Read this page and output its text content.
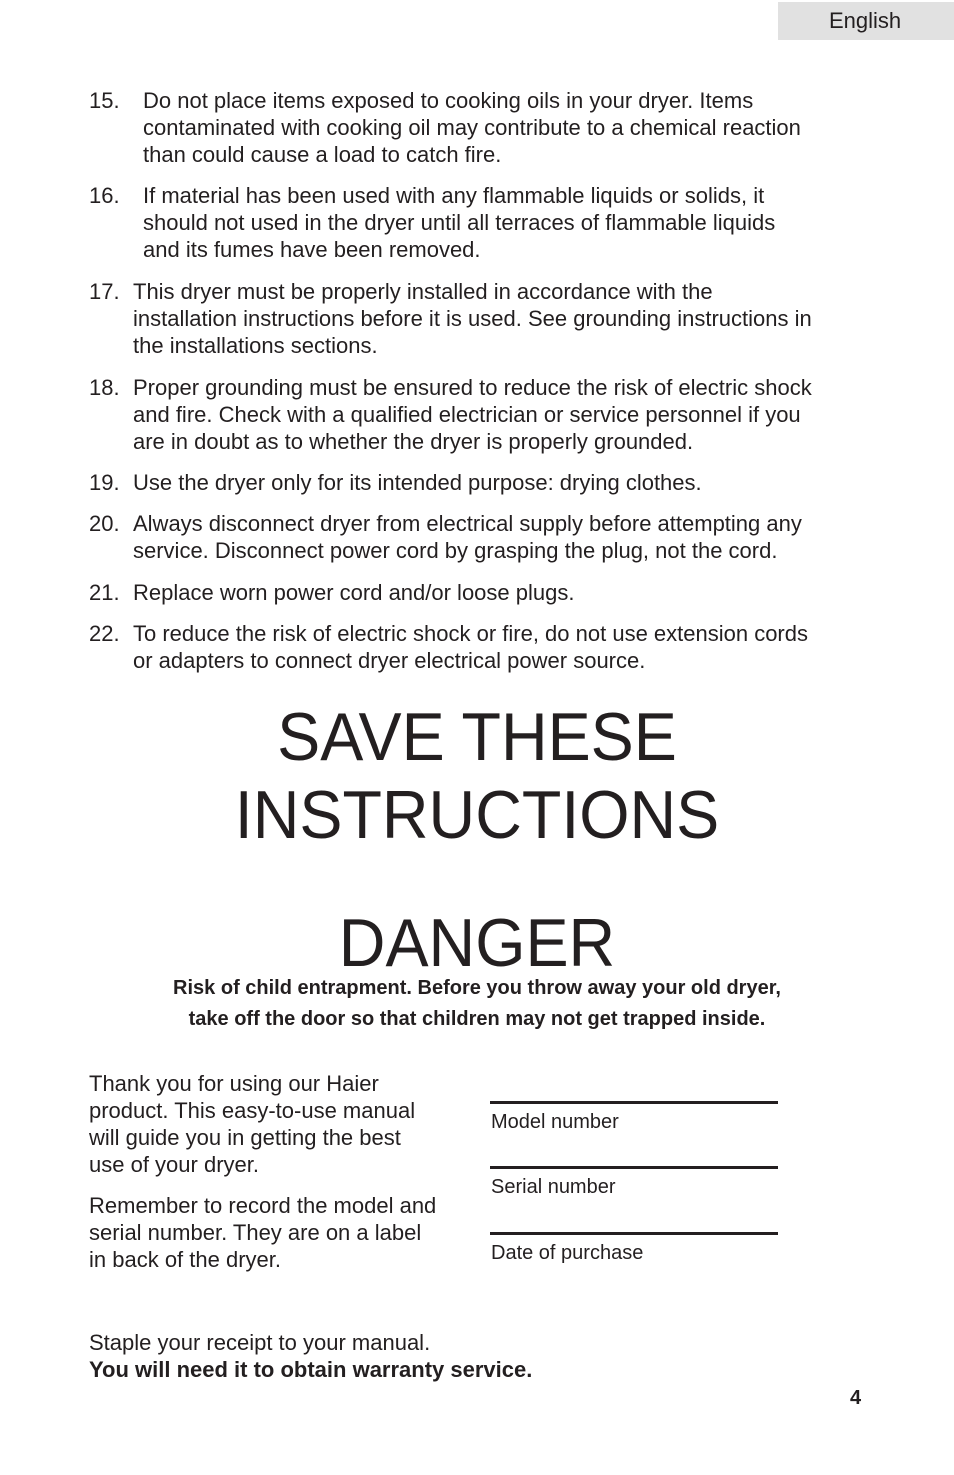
English
15. Do not place items exposed to cooking oils in your dryer. Items
contaminated with cooking oil may contribute to a chemical reaction
than could cause a load to catch fire.
16. If material has been used with any flammable liquids or solids, it
should not used in the dryer until all terraces of flammable liquids
and its fumes have been removed.
17. This dryer must be properly installed in accordance with the
installation instructions before it is used. See grounding instructions in
the installations sections.
18. Proper grounding must be ensured to reduce the risk of electric shock
and fire. Check with a qualified electrician or service personnel if you
are in doubt as to whether the dryer is properly grounded.
19. Use the dryer only for its intended purpose: drying clothes.
20. Always disconnect dryer from electrical supply before attempting any
service. Disconnect power cord by grasping the plug, not the cord.
21. Replace worn power cord and/or loose plugs.
22. To reduce the risk of electric shock or fire, do not use extension cords
or adapters to connect dryer electrical power source.
SAVE THESE
INSTRUCTIONS
DANGER
Risk of child entrapment. Before you throw away your old dryer,
take off the door so that children may not get trapped inside.
Thank you for using our Haier
product. This easy-to-use manual
will guide you in getting the best
use of your dryer.
Remember to record the model and
serial number. They are on a label
in back of the dryer.
Model number
Serial number
Date of purchase
Staple your receipt to your manual.
You will need it to obtain warranty service.
4
